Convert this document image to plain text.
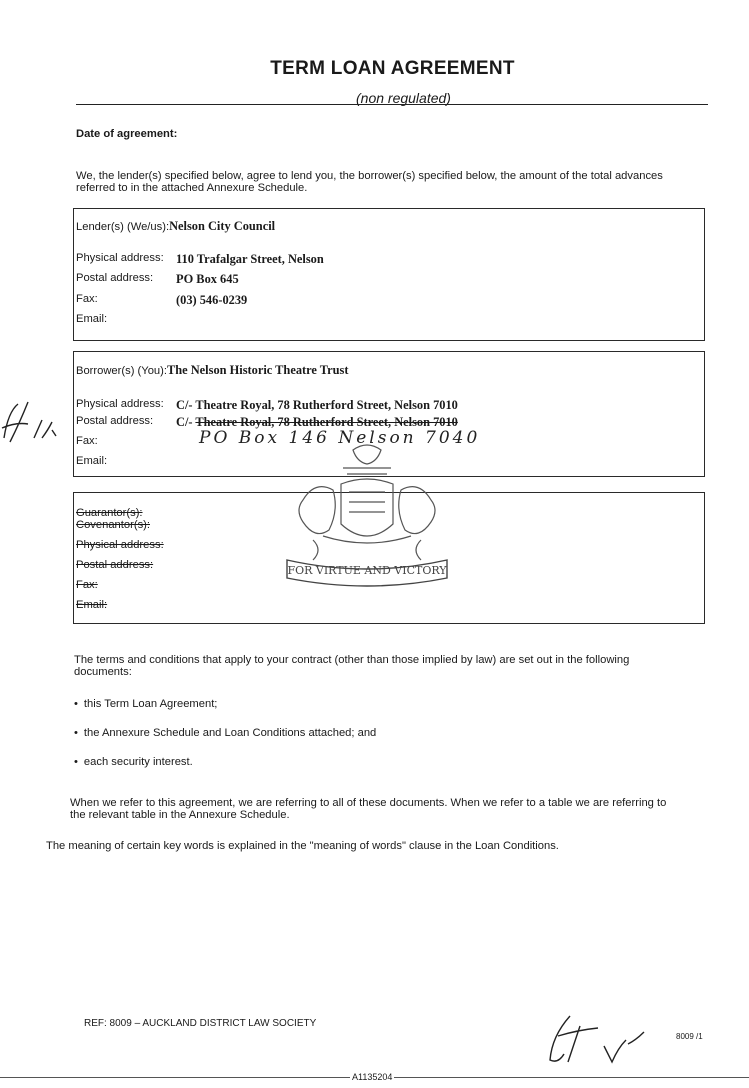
TERM LOAN AGREEMENT
(non regulated)
Date of agreement:
We, the lender(s) specified below, agree to lend you, the borrower(s) specified below, the amount of the total advances
referred to in the attached Annexure Schedule.
Lender(s) (We/us):Nelson City Council
Physical address: 110 Trafalgar Street, Nelson
Postal address: PO Box 645
Fax:	(03) 546-0239
Email:
Borrower(s) (You):The Nelson Historic Theatre Trust
Physical address: C/- Theatre Royal, 78 Rutherford Street, Nelson 7010
Postal address: C/- Theatre Royal, 78 Rutherford Street, Nelson 7010
PO Box 146 Nelson 7040
Fax:
Email:
Guarantor(s):
Covenantor(s):
Physical address:
Postal address:
Fax:
Email:
FOR VIRTUE AND VICTORY
The terms and conditions that apply to your contract (other than those implied by law) are set out in the following
documents:
• this Term Loan Agreement;
• the Annexure Schedule and Loan Conditions attached; and
• each security interest.
When we refer to this agreement, we are referring to all of these documents. When we refer to a table we are referring to
the relevant table in the Annexure Schedule.
The meaning of certain key words is explained in the "meaning of words" clause in the Loan Conditions.
REF: 8009 – AUCKLAND DISTRICT LAW SOCIETY
8009 /1
A1135204
